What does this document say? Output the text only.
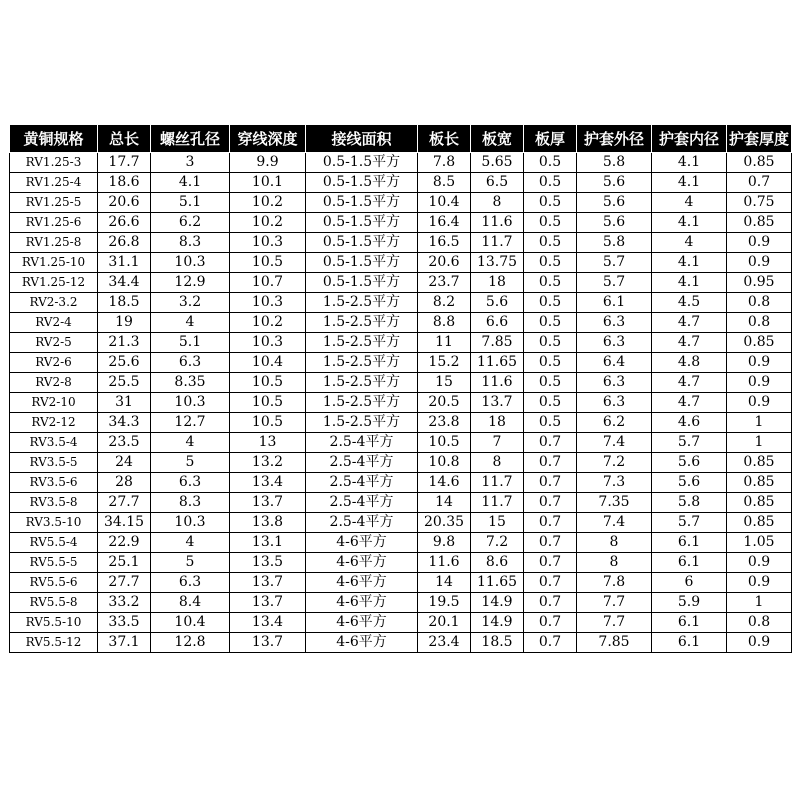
黄铜规格	总长	螺丝孔径	穿线深度	接线面积	板长	板宽	板厚	护套外径	护套内径	护套厚度
RV1.25-3	17.7	3	9.9	0.5-1.5平方	7.8	5.65	0.5	5.8	4.1	0.85
RV1.25-4	18.6	4.1	10.1	0.5-1.5平方	8.5	6.5	0.5	5.6	4.1	0.7
RV1.25-5	20.6	5.1	10.2	0.5-1.5平方	10.4	8	0.5	5.6	4	0.75
RV1.25-6	26.6	6.2	10.2	0.5-1.5平方	16.4	11.6	0.5	5.6	4.1	0.85
RV1.25-8	26.8	8.3	10.3	0.5-1.5平方	16.5	11.7	0.5	5.8	4	0.9
RV1.25-10	31.1	10.3	10.5	0.5-1.5平方	20.6	13.75	0.5	5.7	4.1	0.9
RV1.25-12	34.4	12.9	10.7	0.5-1.5平方	23.7	18	0.5	5.7	4.1	0.95
RV2-3.2	18.5	3.2	10.3	1.5-2.5平方	8.2	5.6	0.5	6.1	4.5	0.8
RV2-4	19	4	10.2	1.5-2.5平方	8.8	6.6	0.5	6.3	4.7	0.8
RV2-5	21.3	5.1	10.3	1.5-2.5平方	11	7.85	0.5	6.3	4.7	0.85
RV2-6	25.6	6.3	10.4	1.5-2.5平方	15.2	11.65	0.5	6.4	4.8	0.9
RV2-8	25.5	8.35	10.5	1.5-2.5平方	15	11.6	0.5	6.3	4.7	0.9
RV2-10	31	10.3	10.5	1.5-2.5平方	20.5	13.7	0.5	6.3	4.7	0.9
RV2-12	34.3	12.7	10.5	1.5-2.5平方	23.8	18	0.5	6.2	4.6	1
RV3.5-4	23.5	4	13	2.5-4平方	10.5	7	0.7	7.4	5.7	1
RV3.5-5	24	5	13.2	2.5-4平方	10.8	8	0.7	7.2	5.6	0.85
RV3.5-6	28	6.3	13.4	2.5-4平方	14.6	11.7	0.7	7.3	5.6	0.85
RV3.5-8	27.7	8.3	13.7	2.5-4平方	14	11.7	0.7	7.35	5.8	0.85
RV3.5-10	34.15	10.3	13.8	2.5-4平方	20.35	15	0.7	7.4	5.7	0.85
RV5.5-4	22.9	4	13.1	4-6平方	9.8	7.2	0.7	8	6.1	1.05
RV5.5-5	25.1	5	13.5	4-6平方	11.6	8.6	0.7	8	6.1	0.9
RV5.5-6	27.7	6.3	13.7	4-6平方	14	11.65	0.7	7.8	6	0.9
RV5.5-8	33.2	8.4	13.7	4-6平方	19.5	14.9	0.7	7.7	5.9	1
RV5.5-10	33.5	10.4	13.4	4-6平方	20.1	14.9	0.7	7.7	6.1	0.8
RV5.5-12	37.1	12.8	13.7	4-6平方	23.4	18.5	0.7	7.85	6.1	0.9
